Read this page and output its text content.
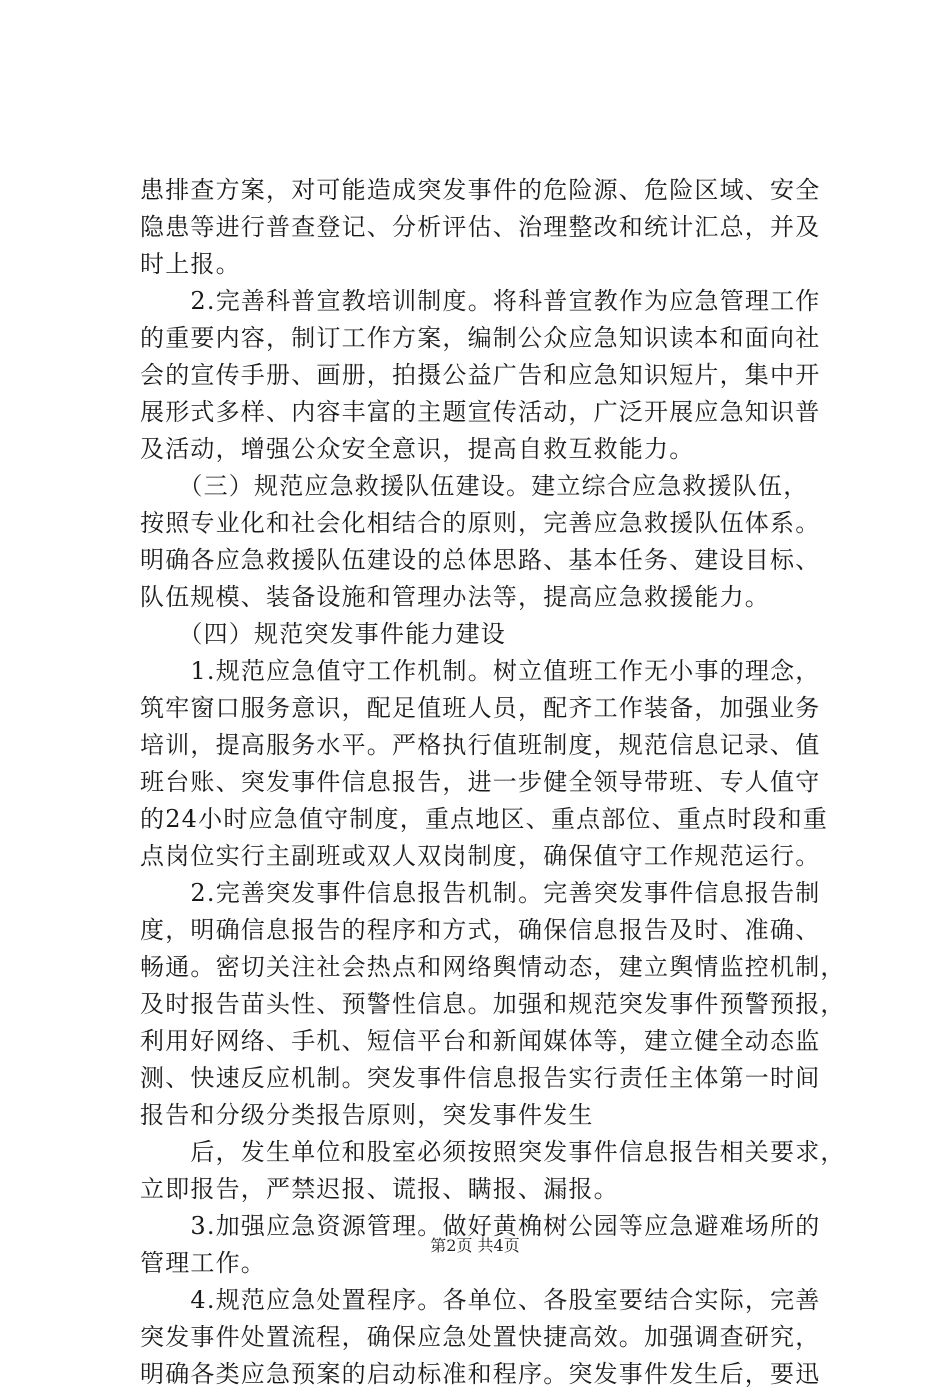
患排查方案，对可能造成突发事件的危险源、危险区域、安全
隐患等进行普查登记、分析评估、治理整改和统计汇总，并及
时上报。
　　2.完善科普宣教培训制度。将科普宣教作为应急管理工作
的重要内容，制订工作方案，编制公众应急知识读本和面向社
会的宣传手册、画册，拍摄公益广告和应急知识短片，集中开
展形式多样、内容丰富的主题宣传活动，广泛开展应急知识普
及活动，增强公众安全意识，提高自救互救能力。
　　（三）规范应急救援队伍建设。建立综合应急救援队伍，
按照专业化和社会化相结合的原则，完善应急救援队伍体系。
明确各应急救援队伍建设的总体思路、基本任务、建设目标、
队伍规模、装备设施和管理办法等，提高应急救援能力。
　　（四）规范突发事件能力建设
　　1.规范应急值守工作机制。树立值班工作无小事的理念，
筑牢窗口服务意识，配足值班人员，配齐工作装备，加强业务
培训，提高服务水平。严格执行值班制度，规范信息记录、值
班台账、突发事件信息报告，进一步健全领导带班、专人值守
的24小时应急值守制度，重点地区、重点部位、重点时段和重
点岗位实行主副班或双人双岗制度，确保值守工作规范运行。
　　2.完善突发事件信息报告机制。完善突发事件信息报告制
度，明确信息报告的程序和方式，确保信息报告及时、准确、
畅通。密切关注社会热点和网络舆情动态，建立舆情监控机制，
及时报告苗头性、预警性信息。加强和规范突发事件预警预报，
利用好网络、手机、短信平台和新闻媒体等，建立健全动态监
测、快速反应机制。突发事件信息报告实行责任主体第一时间
报告和分级分类报告原则，突发事件发生
　　后，发生单位和股室必须按照突发事件信息报告相关要求，
立即报告，严禁迟报、谎报、瞒报、漏报。
　　3.加强应急资源管理。做好黄桷树公园等应急避难场所的
管理工作。
　　4.规范应急处置程序。各单位、各股室要结合实际，完善
突发事件处置流程，确保应急处置快捷高效。加强调查研究，
明确各类应急预案的启动标准和程序。突发事件发生后，要迅
第2页 共4页
